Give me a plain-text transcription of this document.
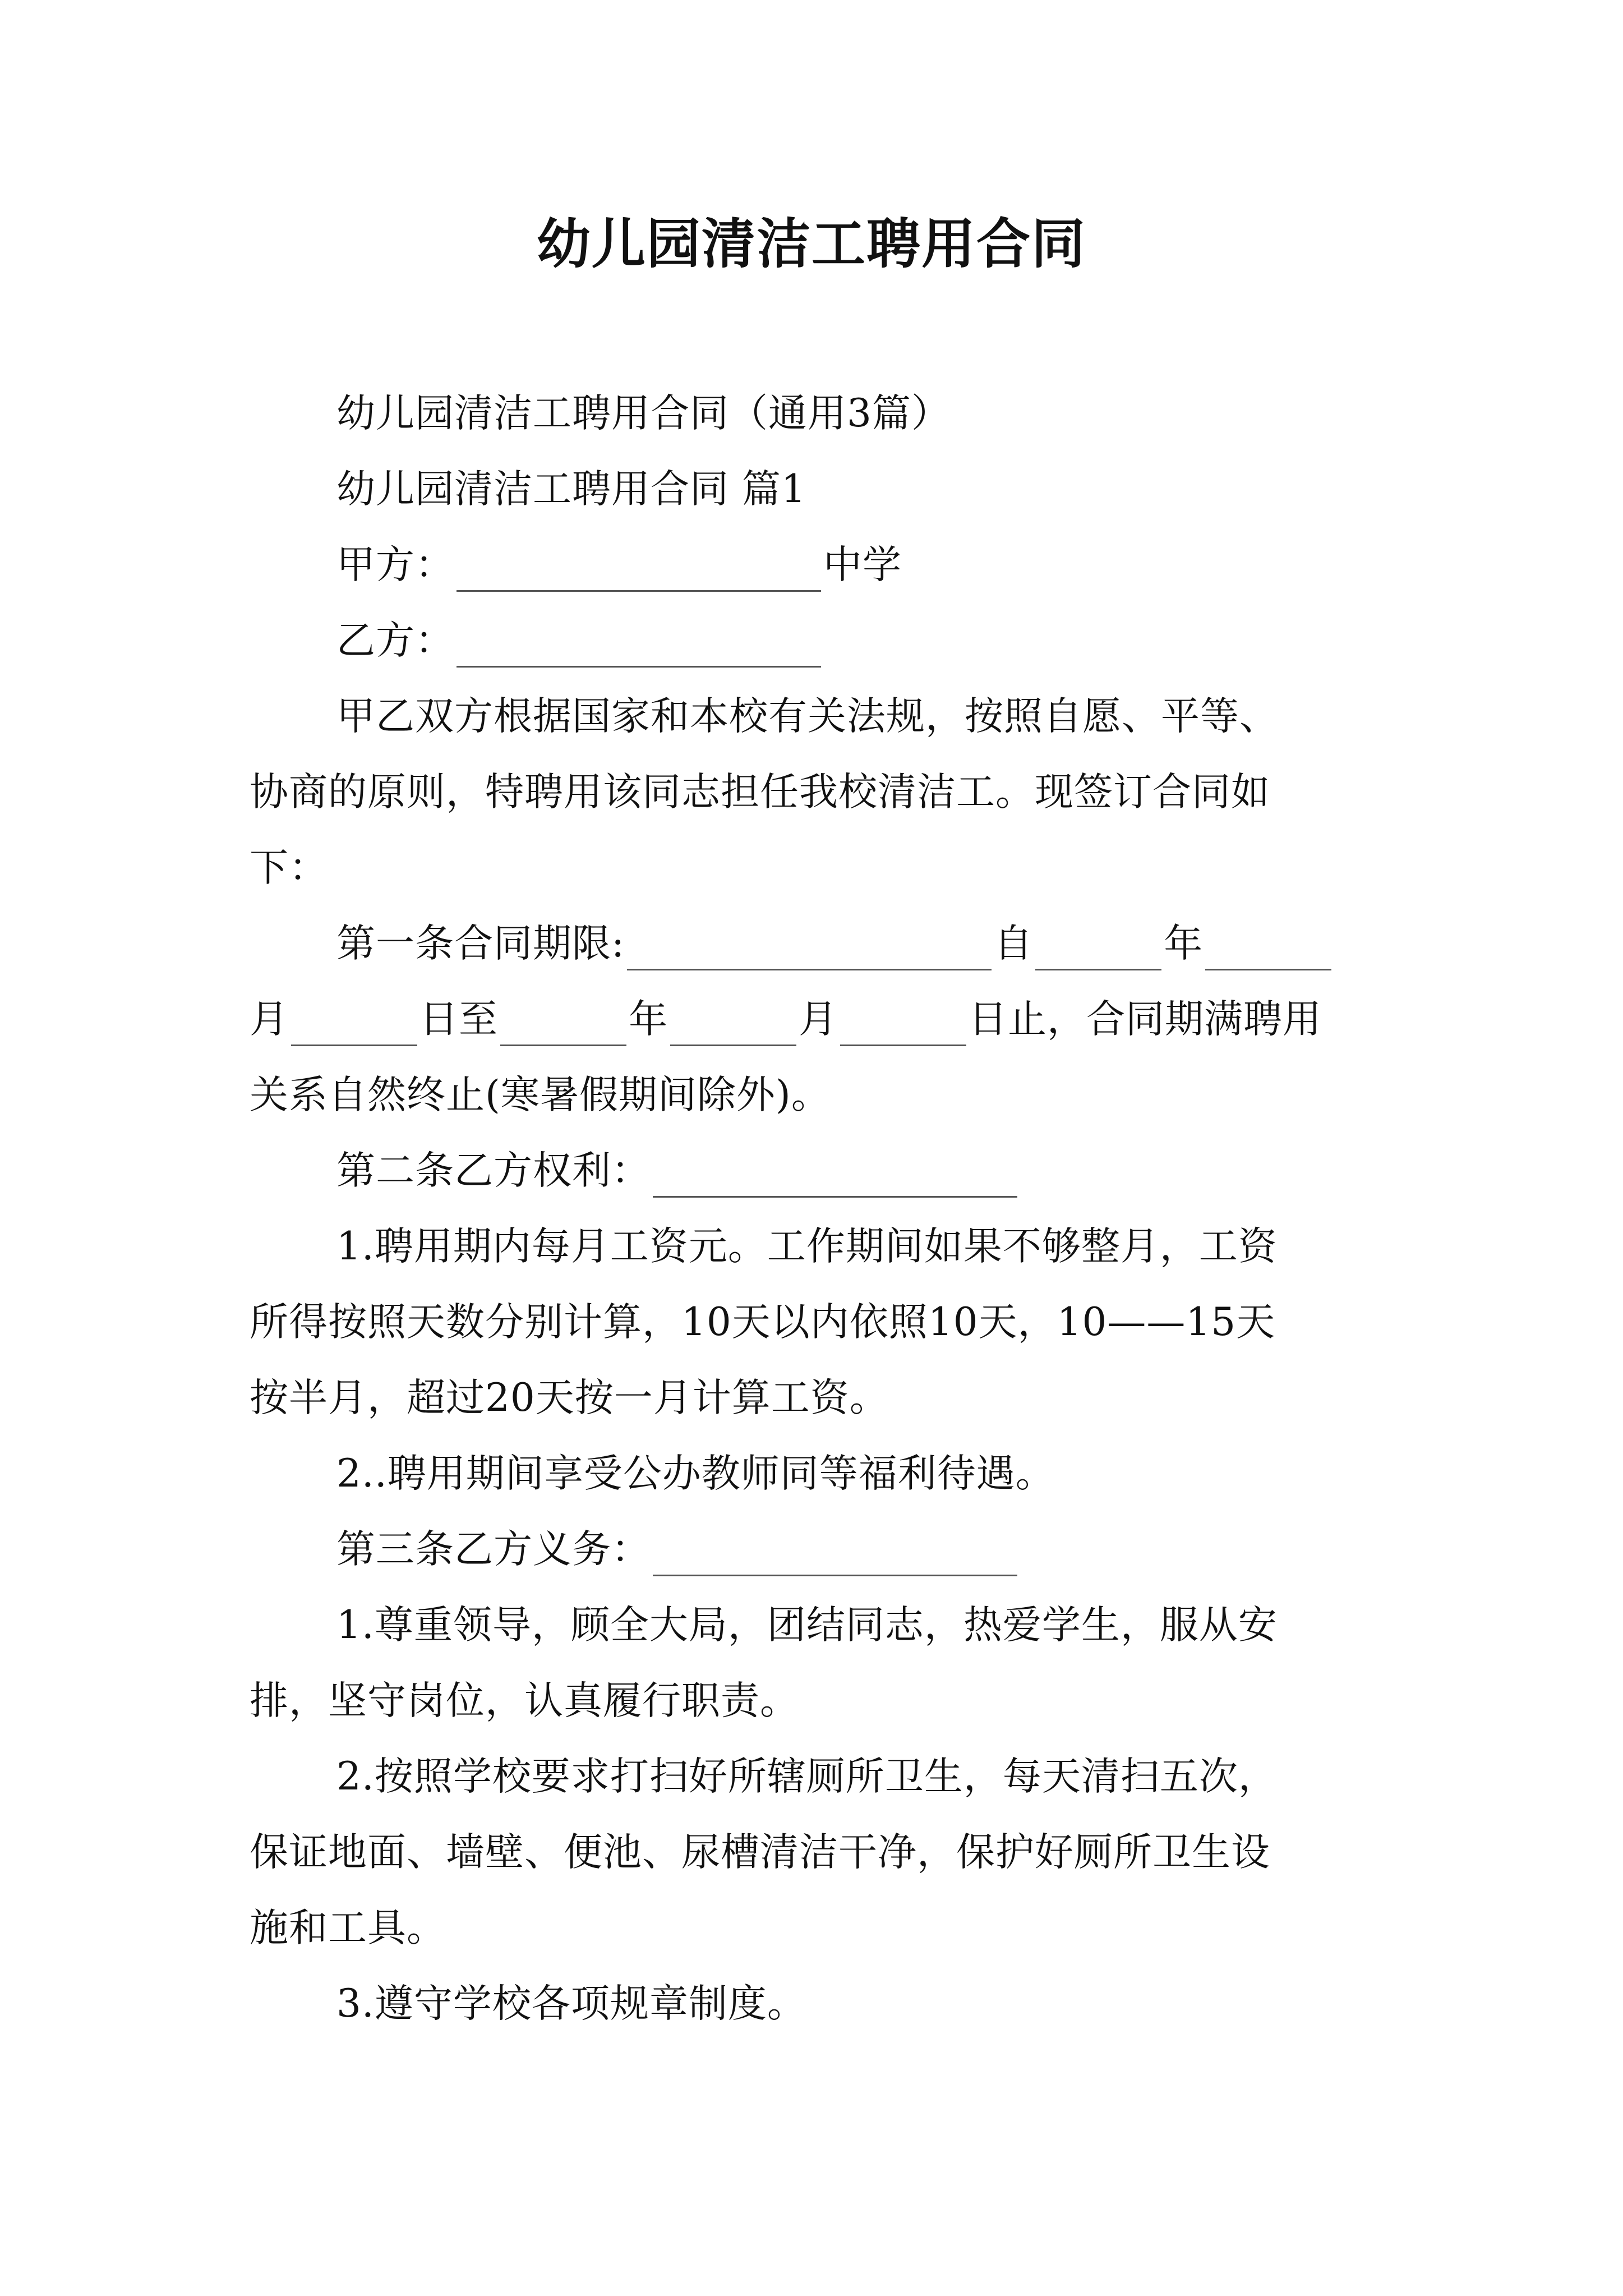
幼儿园清洁工聘用合同
幼儿园清洁工聘用合同（通用3篇）
幼儿园清洁工聘用合同 篇1
甲方：	中学
乙方：
甲乙双方根据国家和本校有关法规，按照自愿、平等、
协商的原则，特聘用该同志担任我校清洁工。现签订合同如
下：
第一条合同期限:	自	年
月	日至	年	月	日止，合同期满聘用
关系自然终止(寒暑假期间除外)。
第二条乙方权利：
1.聘用期内每月工资元。工作期间如果不够整月，工资
所得按照天数分别计算，10天以内依照10天，10——15天
按半月，超过20天按一月计算工资。
2..聘用期间享受公办教师同等福利待遇。
第三条乙方义务：
1.尊重领导，顾全大局，团结同志，热爱学生，服从安
排，坚守岗位，认真履行职责。
2.按照学校要求打扫好所辖厕所卫生，每天清扫五次，
保证地面、墙壁、便池、尿槽清洁干净，保护好厕所卫生设
施和工具。
3.遵守学校各项规章制度。
